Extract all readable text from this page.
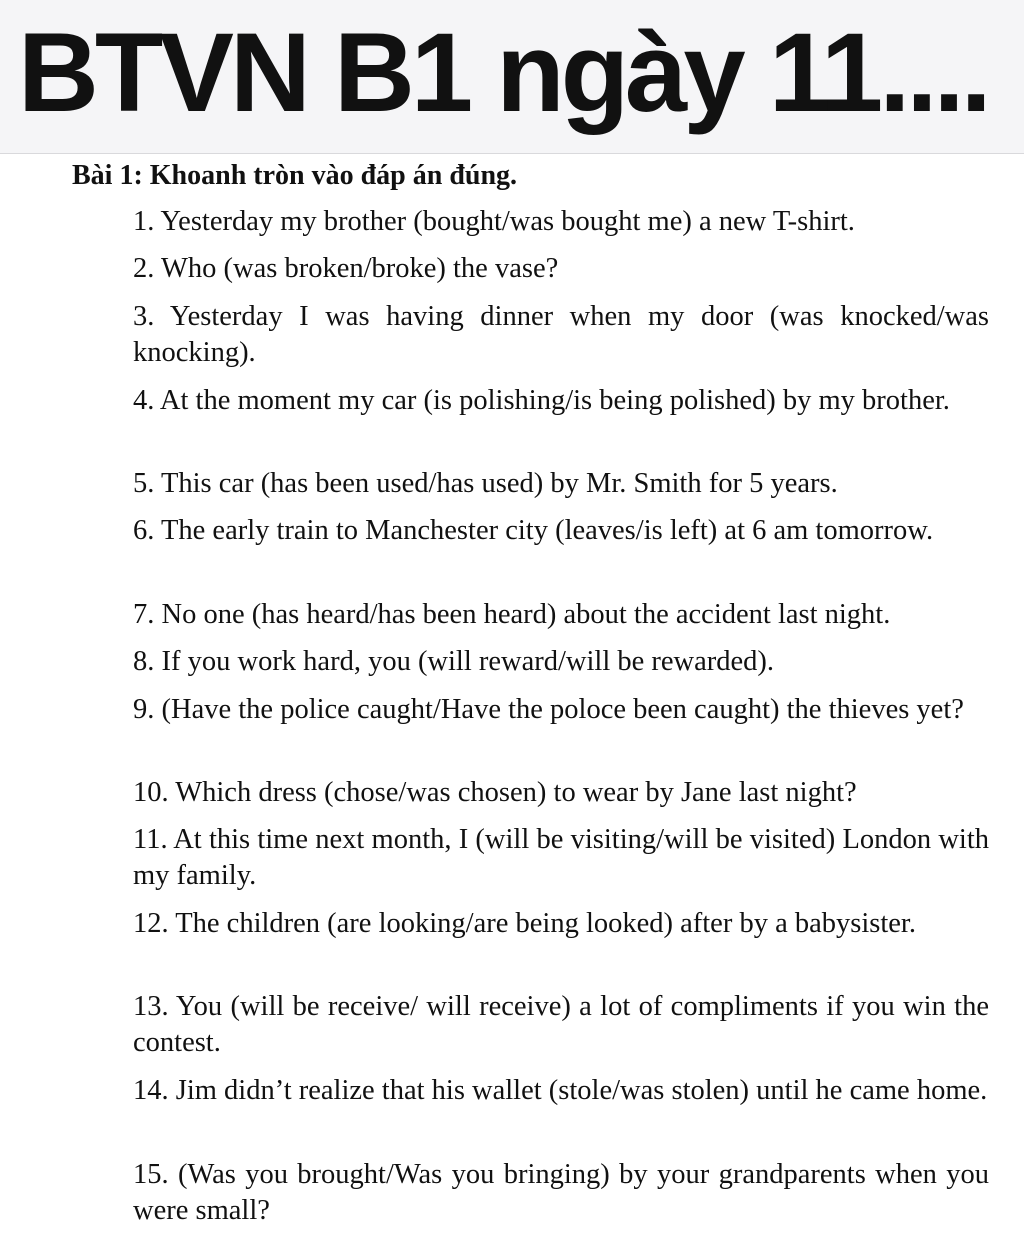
BTVN B1 ngày 11....

Bài 1: Khoanh tròn vào đáp án đúng.

1. Yesterday my brother (bought/was bought me) a new T-shirt.

2. Who (was broken/broke) the vase?

3. Yesterday I was having dinner when my door (was knocked/was knocking).

4. At the moment my car (is polishing/is being polished) by my brother.

5. This car (has been used/has used) by Mr. Smith for 5 years.

6. The early train to Manchester city (leaves/is left) at 6 am tomorrow.

7. No one (has heard/has been heard) about the accident last night.

8. If you work hard, you (will reward/will be rewarded).

9. (Have the police caught/Have the poloce been caught) the thieves yet?

10. Which dress (chose/was chosen) to wear by Jane last night?

11. At this time next month, I (will be visiting/will be visited) London with my family.

12. The children (are looking/are being looked) after by a babysister.

13. You (will be receive/ will receive) a lot of compliments if you win the contest.

14. Jim didn’t realize that his wallet (stole/was stolen) until he came home.

15. (Was you brought/Was you bringing) by your grandparents when you were small?
